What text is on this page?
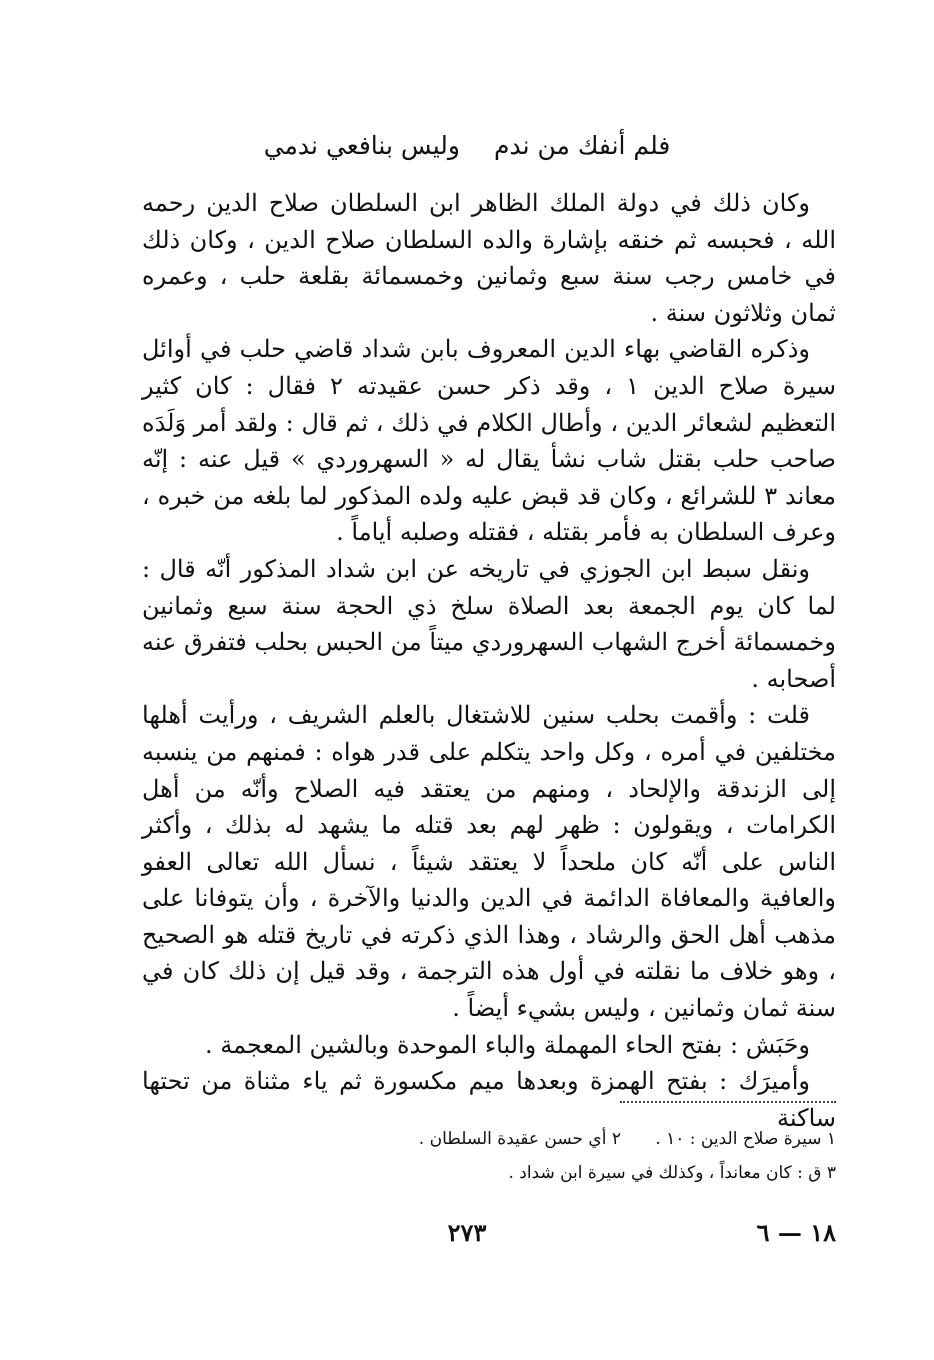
فلم أنفك من ندموليس بنافعي ندمي

وكان ذلك في دولة الملك الظاهر ابن السلطان صلاح الدين رحمه الله ، فحبسه ثم خنقه بإشارة والده السلطان صلاح الدين ، وكان ذلك في خامس رجب سنة سبع وثمانين وخمسمائة بقلعة حلب ، وعمره ثمان وثلاثون سنة .

وذكره القاضي بهاء الدين المعروف بابن شداد قاضي حلب في أوائل سيرة صلاح الدين ١ ، وقد ذكر حسن عقيدته ٢ فقال : كان كثير التعظيم لشعائر الدين ، وأطال الكلام في ذلك ، ثم قال : ولقد أمر وَلَدَه صاحب حلب بقتل شاب نشأ يقال له « السهروردي » قيل عنه : إنّه معاند ٣ للشرائع ، وكان قد قبض عليه ولده المذكور لما بلغه من خبره ، وعرف السلطان به فأمر بقتله ، فقتله وصلبه أياماً .

ونقل سبط ابن الجوزي في تاريخه عن ابن شداد المذكور أنّه قال : لما كان يوم الجمعة بعد الصلاة سلخ ذي الحجة سنة سبع وثمانين وخمسمائة أخرج الشهاب السهروردي ميتاً من الحبس بحلب فتفرق عنه أصحابه .

قلت : وأقمت بحلب سنين للاشتغال بالعلم الشريف ، ورأيت أهلها مختلفين في أمره ، وكل واحد يتكلم على قدر هواه : فمنهم من ينسبه إلى الزندقة والإلحاد ، ومنهم من يعتقد فيه الصلاح وأنّه من أهل الكرامات ، ويقولون : ظهر لهم بعد قتله ما يشهد له بذلك ، وأكثر الناس على أنّه كان ملحداً لا يعتقد شيئاً ، نسأل الله تعالى العفو والعافية والمعافاة الدائمة في الدين والدنيا والآخرة ، وأن يتوفانا على مذهب أهل الحق والرشاد ، وهذا الذي ذكرته في تاريخ قتله هو الصحيح ، وهو خلاف ما نقلته في أول هذه الترجمة ، وقد قيل إن ذلك كان في سنة ثمان وثمانين ، وليس بشيء أيضاً .

وحَبَش : بفتح الحاء المهملة والباء الموحدة وبالشين المعجمة .

وأميرَك : بفتح الهمزة وبعدها ميم مكسورة ثم ياء مثناة من تحتها ساكنة

١ سيرة صلاح الدين : ١٠ .٢ أي حسن عقيدة السلطان .
٣ ق : كان معانداً ، وكذلك في سيرة ابن شداد .
٢٧٣	١٨ — ٦
